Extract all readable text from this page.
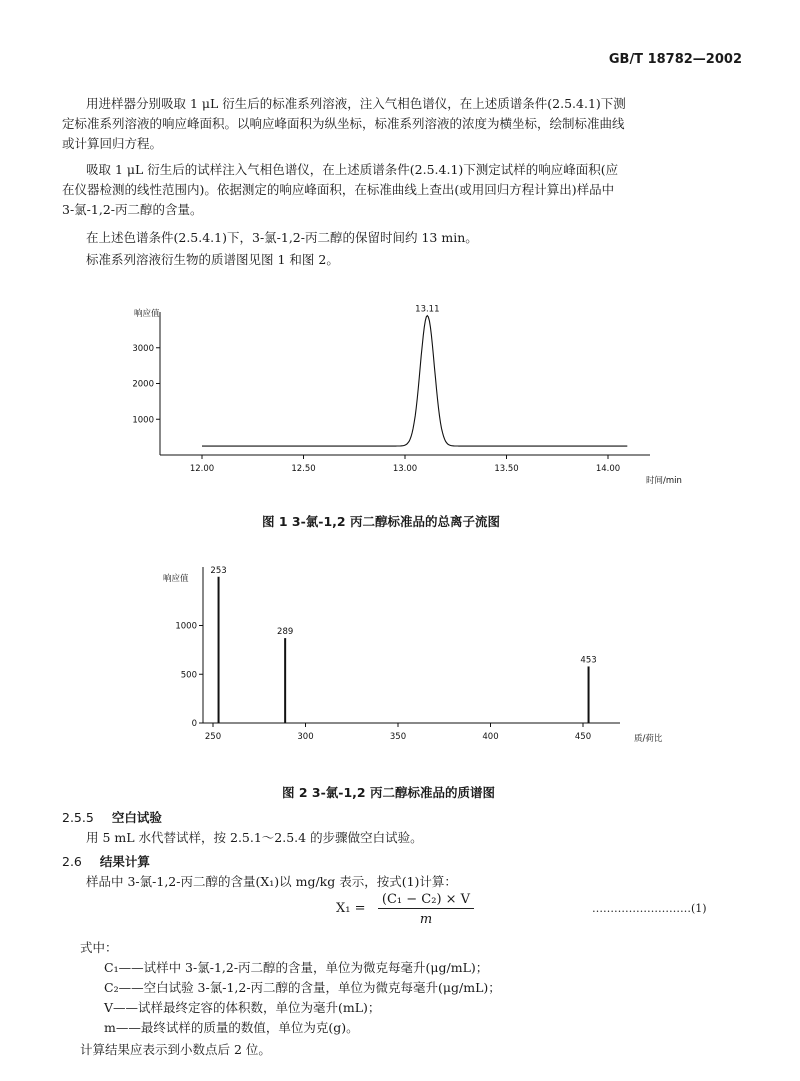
GB/T 18782—2002
用进样器分别吸取 1 μL 衍生后的标准系列溶液，注入气相色谱仪，在上述质谱条件(2.5.4.1)下测
定标准系列溶液的响应峰面积。以响应峰面积为纵坐标，标准系列溶液的浓度为横坐标，绘制标准曲线
或计算回归方程。
吸取 1 μL 衍生后的试样注入气相色谱仪，在上述质谱条件(2.5.4.1)下测定试样的响应峰面积(应
在仪器检测的线性范围内)。依据测定的响应峰面积，在标准曲线上查出(或用回归方程计算出)样品中
3-氯-1,2-丙二醇的含量。
在上述色谱条件(2.5.4.1)下，3-氯-1,2-丙二醇的保留时间约 13 min。
标准系列溶液衍生物的质谱图见图 1 和图 2。
1000
2000
3000
响应值
12.00	12.50	13.00	13.50	14.00
时间/min
13.11
图 1 3-氯-1,2 丙二醇标准品的总离子流图
0
500
1000
响应值
250	300	350	400	450	质/荷比
253
289
453
图 2 3-氯-1,2 丙二醇标准品的质谱图
2.5.5 空白试验
用 5 mL 水代替试样，按 2.5.1～2.5.4 的步骤做空白试验。
2.6 结果计算
样品中 3-氯-1,2-丙二醇的含量(X₁)以 mg/kg 表示，按式(1)计算：
X₁ =
(C₁ − C₂) × V
m
………………………(1)
式中：
C₁——试样中 3-氯-1,2-丙二醇的含量，单位为微克每毫升(μg/mL)；
C₂——空白试验 3-氯-1,2-丙二醇的含量，单位为微克每毫升(μg/mL)；
V——试样最终定容的体积数，单位为毫升(mL)；
m——最终试样的质量的数值，单位为克(g)。
计算结果应表示到小数点后 2 位。
